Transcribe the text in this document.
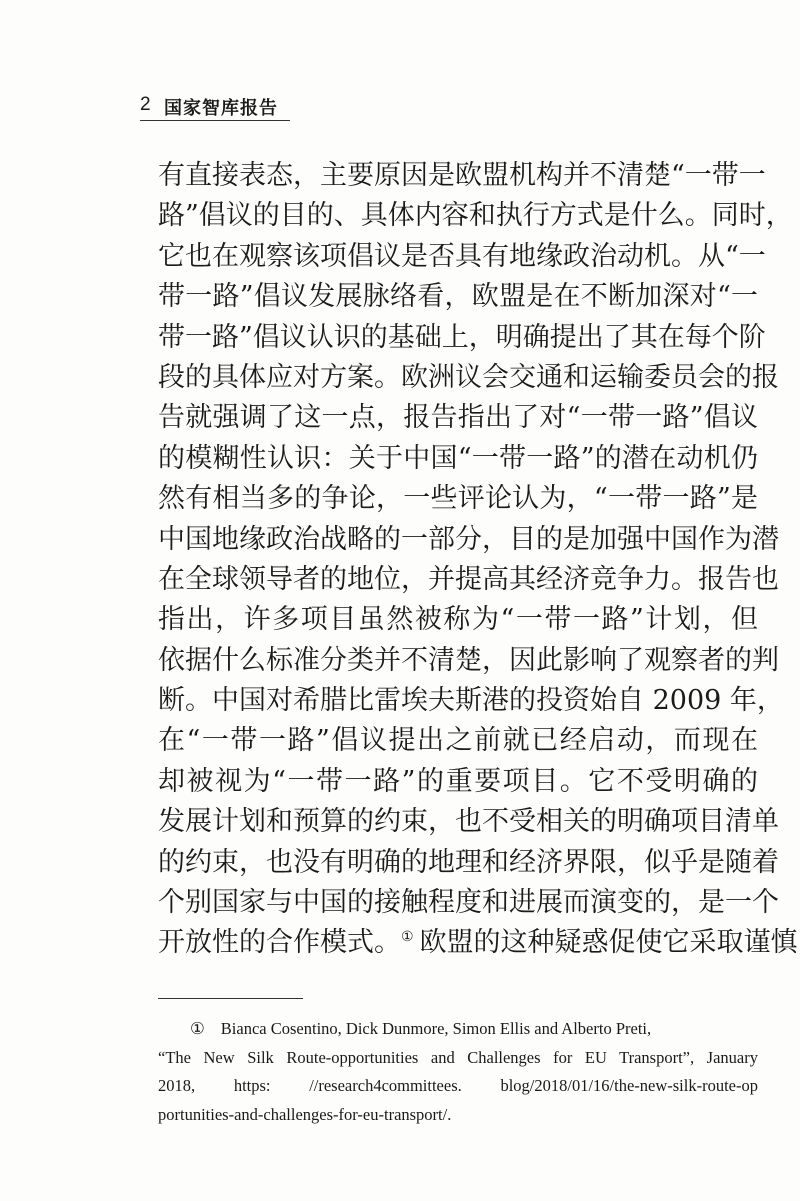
2 国家智库报告
有直接表态，主要原因是欧盟机构并不清楚“一带一
路”倡议的目的、具体内容和执行方式是什么。同时，
它也在观察该项倡议是否具有地缘政治动机。从“一
带一路”倡议发展脉络看，欧盟是在不断加深对“一
带一路”倡议认识的基础上，明确提出了其在每个阶
段的具体应对方案。欧洲议会交通和运输委员会的报
告就强调了这一点，报告指出了对“一带一路”倡议
的模糊性认识：关于中国“一带一路”的潜在动机仍
然有相当多的争论，一些评论认为，“一带一路”是
中国地缘政治战略的一部分，目的是加强中国作为潜
在全球领导者的地位，并提高其经济竞争力。报告也
指出，许多项目虽然被称为“一带一路”计划，但
依据什么标准分类并不清楚，因此影响了观察者的判
断。中国对希腊比雷埃夫斯港的投资始自 2009 年，
在“一带一路”倡议提出之前就已经启动，而现在
却被视为“一带一路”的重要项目。它不受明确的
发展计划和预算的约束，也不受相关的明确项目清单
的约束，也没有明确的地理和经济界限，似乎是随着
个别国家与中国的接触程度和进展而演变的，是一个
开放性的合作模式。① 欧盟的这种疑惑促使它采取谨慎
① Bianca Cosentino, Dick Dunmore, Simon Ellis and Alberto Preti,
“The New Silk Route-opportunities and Challenges for EU Transport”, January
2018, https: //research4committees. blog/2018/01/16/the-new-silk-route-op
portunities-and-challenges-for-eu-transport/.
